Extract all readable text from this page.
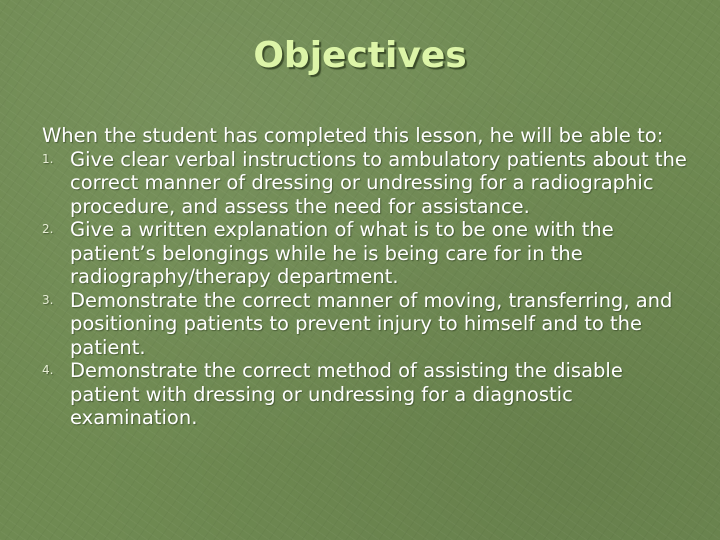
Objectives

When the student has completed this lesson, he will be able to:

1. Give clear verbal instructions to ambulatory patients about the correct manner of dressing or undressing for a radiographic procedure, and assess the need for assistance.
2. Give a written explanation of what is to be one with the patient’s belongings while he is being care for in the radiography/therapy department.
3. Demonstrate the correct manner of moving, transferring, and positioning patients to prevent injury to himself and to the patient.
4. Demonstrate the correct method of assisting the disable patient with dressing or undressing for a diagnostic examination.
